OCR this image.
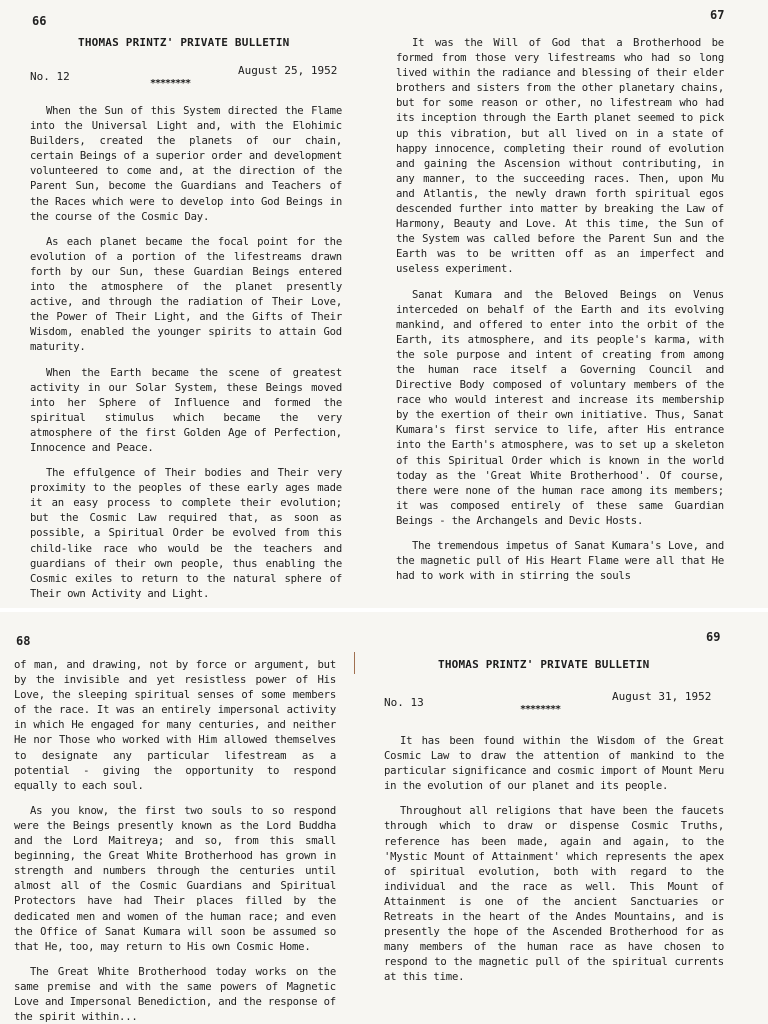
66
THOMAS PRINTZ' PRIVATE BULLETIN
No. 12	August 25, 1952
********

When the Sun of this System directed the Flame into the Universal Light and, with the Elohimic Builders, created the planets of our chain, certain Beings of a superior order and development volunteered to come and, at the direction of the Parent Sun, become the Guardians and Teachers of the Races which were to develop into God Beings in the course of the Cosmic Day.

As each planet became the focal point for the evolution of a portion of the lifestreams drawn forth by our Sun, these Guardian Beings entered into the atmosphere of the planet presently active, and through the radiation of Their Love, the Power of Their Light, and the Gifts of Their Wisdom, enabled the younger spirits to attain God maturity.

When the Earth became the scene of greatest activity in our Solar System, these Beings moved into her Sphere of Influence and formed the spiritual stimulus which became the very atmosphere of the first Golden Age of Perfection, Innocence and Peace.

The effulgence of Their bodies and Their very proximity to the peoples of these early ages made it an easy process to complete their evolution; but the Cosmic Law required that, as soon as possible, a Spiritual Order be evolved from this child-like race who would be the teachers and guardians of their own people, thus enabling the Cosmic exiles to return to the natural sphere of Their own Activity and Light.

67

It was the Will of God that a Brotherhood be formed from those very lifestreams who had so long lived within the radiance and blessing of their elder brothers and sisters from the other planetary chains, but for some reason or other, no lifestream who had its inception through the Earth planet seemed to pick up this vibration, but all lived on in a state of happy innocence, completing their round of evolution and gaining the Ascension without contributing, in any manner, to the succeeding races. Then, upon Mu and Atlantis, the newly drawn forth spiritual egos descended further into matter by breaking the Law of Harmony, Beauty and Love. At this time, the Sun of the System was called before the Parent Sun and the Earth was to be written off as an imperfect and useless experiment.

Sanat Kumara and the Beloved Beings on Venus interceded on behalf of the Earth and its evolving mankind, and offered to enter into the orbit of the Earth, its atmosphere, and its people's karma, with the sole purpose and intent of creating from among the human race itself a Governing Council and Directive Body composed of voluntary members of the race who would interest and increase its membership by the exertion of their own initiative. Thus, Sanat Kumara's first service to life, after His entrance into the Earth's atmosphere, was to set up a skeleton of this Spiritual Order which is known in the world today as the 'Great White Brotherhood'. Of course, there were none of the human race among its members; it was composed entirely of these same Guardian Beings - the Archangels and Devic Hosts.

The tremendous impetus of Sanat Kumara's Love, and the magnetic pull of His Heart Flame were all that He had to work with in stirring the souls

68

of man, and drawing, not by force or argument, but by the invisible and yet resistless power of His Love, the sleeping spiritual senses of some members of the race. It was an entirely impersonal activity in which He engaged for many centuries, and neither He nor Those who worked with Him allowed themselves to designate any particular lifestream as a potential - giving the opportunity to respond equally to each soul.

As you know, the first two souls to so respond were the Beings presently known as the Lord Buddha and the Lord Maitreya; and so, from this small beginning, the Great White Brotherhood has grown in strength and numbers through the centuries until almost all of the Cosmic Guardians and Spiritual Protectors have had Their places filled by the dedicated men and women of the human race; and even the Office of Sanat Kumara will soon be assumed so that He, too, may return to His own Cosmic Home.

The Great White Brotherhood today works on the same premise and with the same powers of Magnetic Love and Impersonal Benediction, and the response of the spirit within...

69
THOMAS PRINTZ' PRIVATE BULLETIN
No. 13	August 31, 1952
********

It has been found within the Wisdom of the Great Cosmic Law to draw the attention of mankind to the particular significance and cosmic import of Mount Meru in the evolution of our planet and its people.

Throughout all religions that have been the faucets through which to draw or dispense Cosmic Truths, reference has been made, again and again, to the 'Mystic Mount of Attainment' which represents the apex of spiritual evolution, both with regard to the individual and the race as well. This Mount of Attainment is one of the ancient Sanctuaries or Retreats in the heart of the Andes Mountains, and is presently the hope of the Ascended Brotherhood for as many members of the human race as have chosen to respond to the magnetic pull of the spiritual currents at this time.
